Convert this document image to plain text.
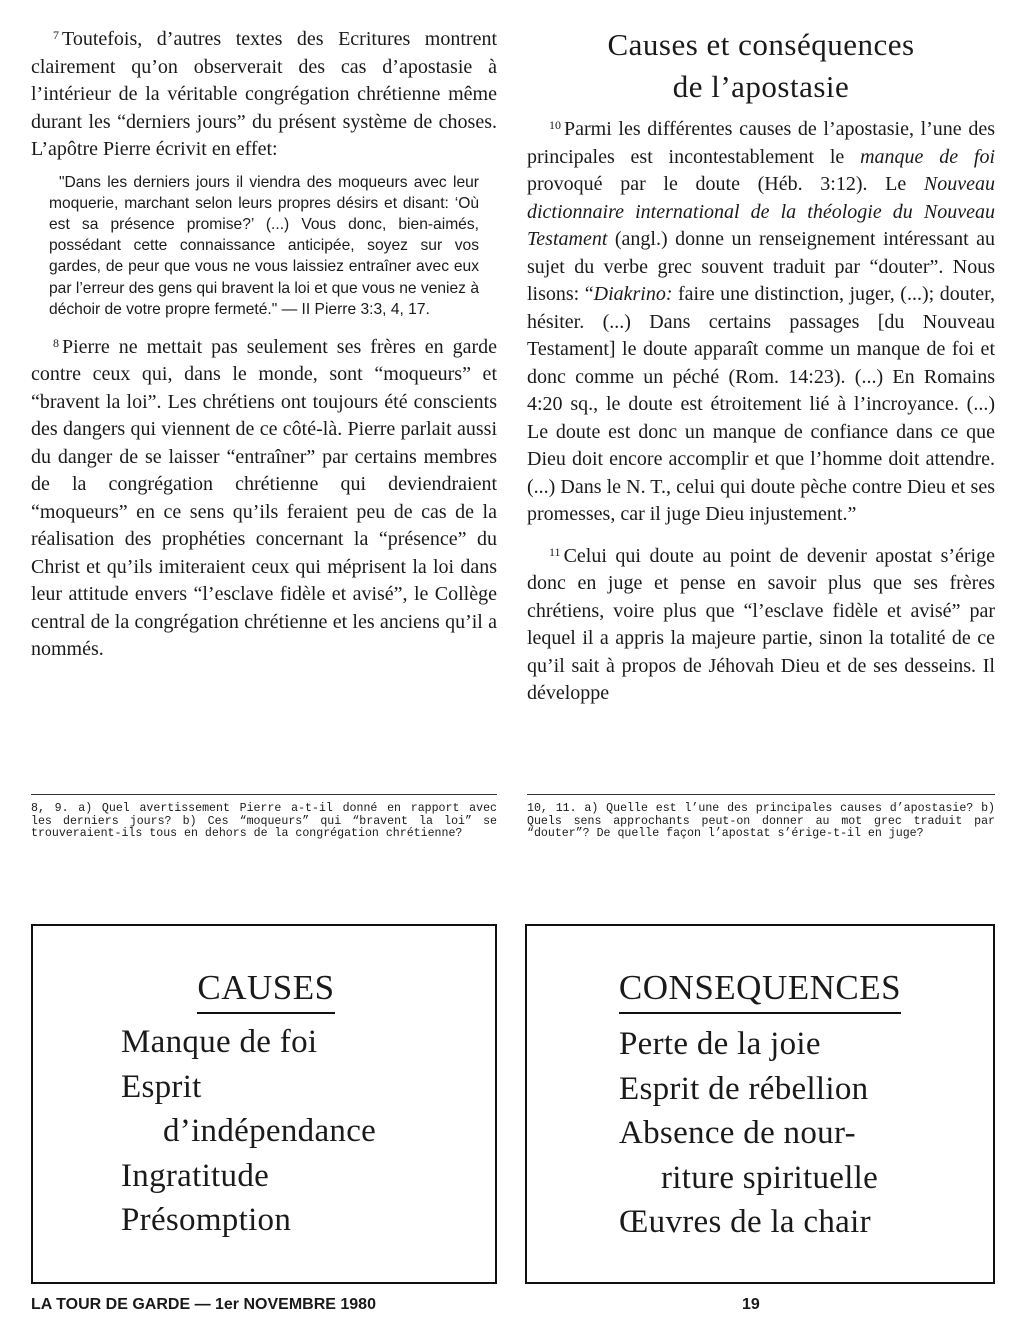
$^7$ Toutefois, d’autres textes des Ecritures montrent clairement qu’on observerait des cas d’apostasie à l’intérieur de la véritable congrégation chrétienne même durant les “derniers jours” du présent système de choses. L’apôtre Pierre écrivit en effet:

"Dans les derniers jours il viendra des moqueurs avec leur moquerie, marchant selon leurs propres désirs et disant: ‘Où est sa présence promise?’ (...) Vous donc, bien-aimés, possédant cette connaissance anticipée, soyez sur vos gardes, de peur que vous ne vous laissiez entraîner avec eux par l’erreur des gens qui bravent la loi et que vous ne veniez à déchoir de votre propre fermeté." — II Pierre 3:3, 4, 17.

$^8$ Pierre ne mettait pas seulement ses frères en garde contre ceux qui, dans le monde, sont “moqueurs” et “bravent la loi”. Les chrétiens ont toujours été conscients des dangers qui viennent de ce côté-là. Pierre parlait aussi du danger de se laisser “entraîner” par certains membres de la congrégation chrétienne qui deviendraient “moqueurs” en ce sens qu’ils feraient peu de cas de la réalisation des prophéties concernant la “présence” du Christ et qu’ils imiteraient ceux qui méprisent la loi dans leur attitude envers “l’esclave fidèle et avisé”, le Collège central de la congrégation chrétienne et les anciens qu’il a nommés.

8, 9. a) Quel avertissement Pierre a-t-il donné en rapport avec les derniers jours? b) Ces “moqueurs” qui “bravent la loi” se trouveraient-ils tous en dehors de la congrégation chrétienne?

Causes et conséquences
de l’apostasie

$^{10}$ Parmi les différentes causes de l’apostasie, l’une des principales est incontestablement le manque de foi provoqué par le doute (Héb. 3:12). Le Nouveau dictionnaire international de la théologie du Nouveau Testament (angl.) donne un renseignement intéressant au sujet du verbe grec souvent traduit par “douter”. Nous lisons: “Diakrino: faire une distinction, juger, (...); douter, hésiter. (...) Dans certains passages [du Nouveau Testament] le doute apparaît comme un manque de foi et donc comme un péché (Rom. 14:23). (...) En Romains 4:20 sq., le doute est étroitement lié à l’incroyance. (...) Le doute est donc un manque de confiance dans ce que Dieu doit encore accomplir et que l’homme doit attendre. (...) Dans le N. T., celui qui doute pèche contre Dieu et ses promesses, car il juge Dieu injustement.”

$^{11}$ Celui qui doute au point de devenir apostat s’érige donc en juge et pense en savoir plus que ses frères chrétiens, voire plus que “l’esclave fidèle et avisé” par lequel il a appris la majeure partie, sinon la totalité de ce qu’il sait à propos de Jéhovah Dieu et de ses desseins. Il développe

10, 11. a) Quelle est l’une des principales causes d’apostasie? b) Quels sens approchants peut-on donner au mot grec traduit par “douter”? De quelle façon l’apostat s’érige-t-il en juge?

CAUSES
Manque de foi
Esprit
d’indépendance
Ingratitude
Présomption
CONSEQUENCES
Perte de la joie
Esprit de rébellion
Absence de nour-
riture spirituelle
Œuvres de la chair
LA TOUR DE GARDE — 1er NOVEMBRE 1980	19
